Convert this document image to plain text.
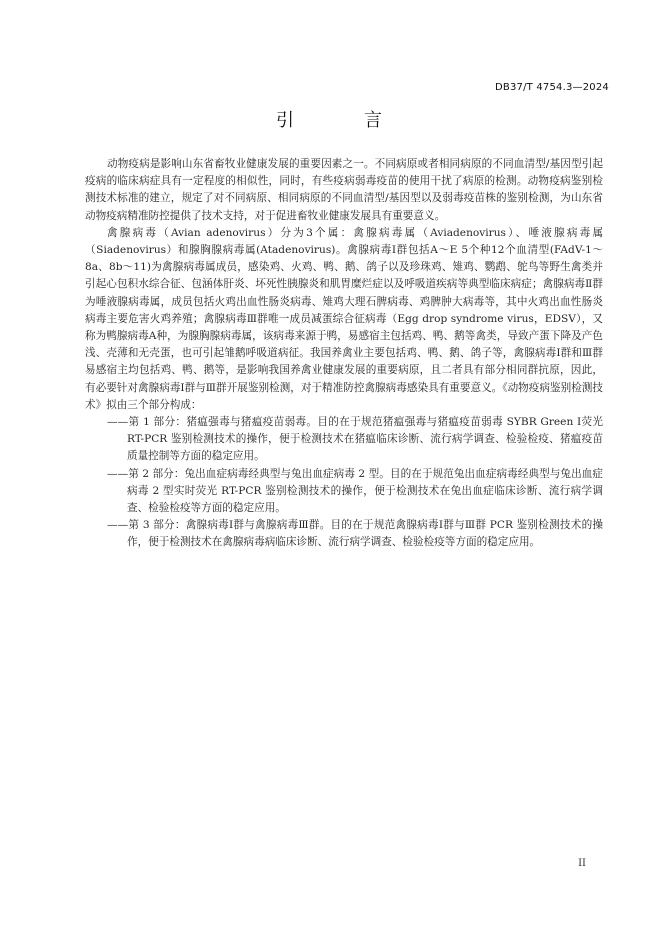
DB37/T 4754.3—2024
引　言

动物疫病是影响山东省畜牧业健康发展的重要因素之一。不同病原或者相同病原的不同血清型/基因型引起疫病的临床病症具有一定程度的相似性，同时，有些疫病弱毒疫苗的使用干扰了病原的检测。动物疫病鉴别检测技术标准的建立，规定了对不同病原、相同病原的不同血清型/基因型以及弱毒疫苗株的鉴别检测，为山东省动物疫病精准防控提供了技术支持，对于促进畜牧业健康发展具有重要意义。

禽腺病毒（Avian adenovirus）分为3个属：禽腺病毒属（Aviadenovirus）、唾液腺病毒属（Siadenovirus）和腺胸腺病毒属(Atadenovirus)。禽腺病毒Ⅰ群包括A～E 5个种12个血清型(FAdV-1～8a、8b～11)为禽腺病毒属成员，感染鸡、火鸡、鸭、鹅、鸽子以及珍珠鸡、雉鸡、鹦鹉、鸵鸟等野生禽类并引起心包积水综合征、包涵体肝炎、坏死性胰腺炎和肌胃糜烂症以及呼吸道疾病等典型临床病症；禽腺病毒Ⅱ群为唾液腺病毒属，成员包括火鸡出血性肠炎病毒、雉鸡大理石脾病毒、鸡脾肿大病毒等，其中火鸡出血性肠炎病毒主要危害火鸡养殖；禽腺病毒Ⅲ群唯一成员减蛋综合征病毒（Egg drop syndrome virus，EDSV），又称为鸭腺病毒A种，为腺胸腺病毒属，该病毒来源于鸭，易感宿主包括鸡、鸭、鹅等禽类，导致产蛋下降及产色浅、壳薄和无壳蛋，也可引起雏鹅呼吸道病征。我国养禽业主要包括鸡、鸭、鹅、鸽子等，禽腺病毒Ⅰ群和Ⅲ群易感宿主均包括鸡、鸭、鹅等，是影响我国养禽业健康发展的重要病原，且二者具有部分相同群抗原，因此，有必要针对禽腺病毒Ⅰ群与Ⅲ群开展鉴别检测，对于精准防控禽腺病毒感染具有重要意义。《动物疫病鉴别检测技术》拟由三个部分构成：

——第 1 部分：猪瘟强毒与猪瘟疫苗弱毒。目的在于规范猪瘟强毒与猪瘟疫苗弱毒 SYBR Green Ⅰ荧光 RT-PCR 鉴别检测技术的操作，便于检测技术在猪瘟临床诊断、流行病学调查、检验检疫、猪瘟疫苗质量控制等方面的稳定应用。

——第 2 部分：兔出血症病毒经典型与兔出血症病毒 2 型。目的在于规范兔出血症病毒经典型与兔出血症病毒 2 型实时荧光 RT-PCR 鉴别检测技术的操作，便于检测技术在兔出血症临床诊断、流行病学调查、检验检疫等方面的稳定应用。

——第 3 部分：禽腺病毒Ⅰ群与禽腺病毒Ⅲ群。目的在于规范禽腺病毒Ⅰ群与Ⅲ群 PCR 鉴别检测技术的操作，便于检测技术在禽腺病毒病临床诊断、流行病学调查、检验检疫等方面的稳定应用。

II
